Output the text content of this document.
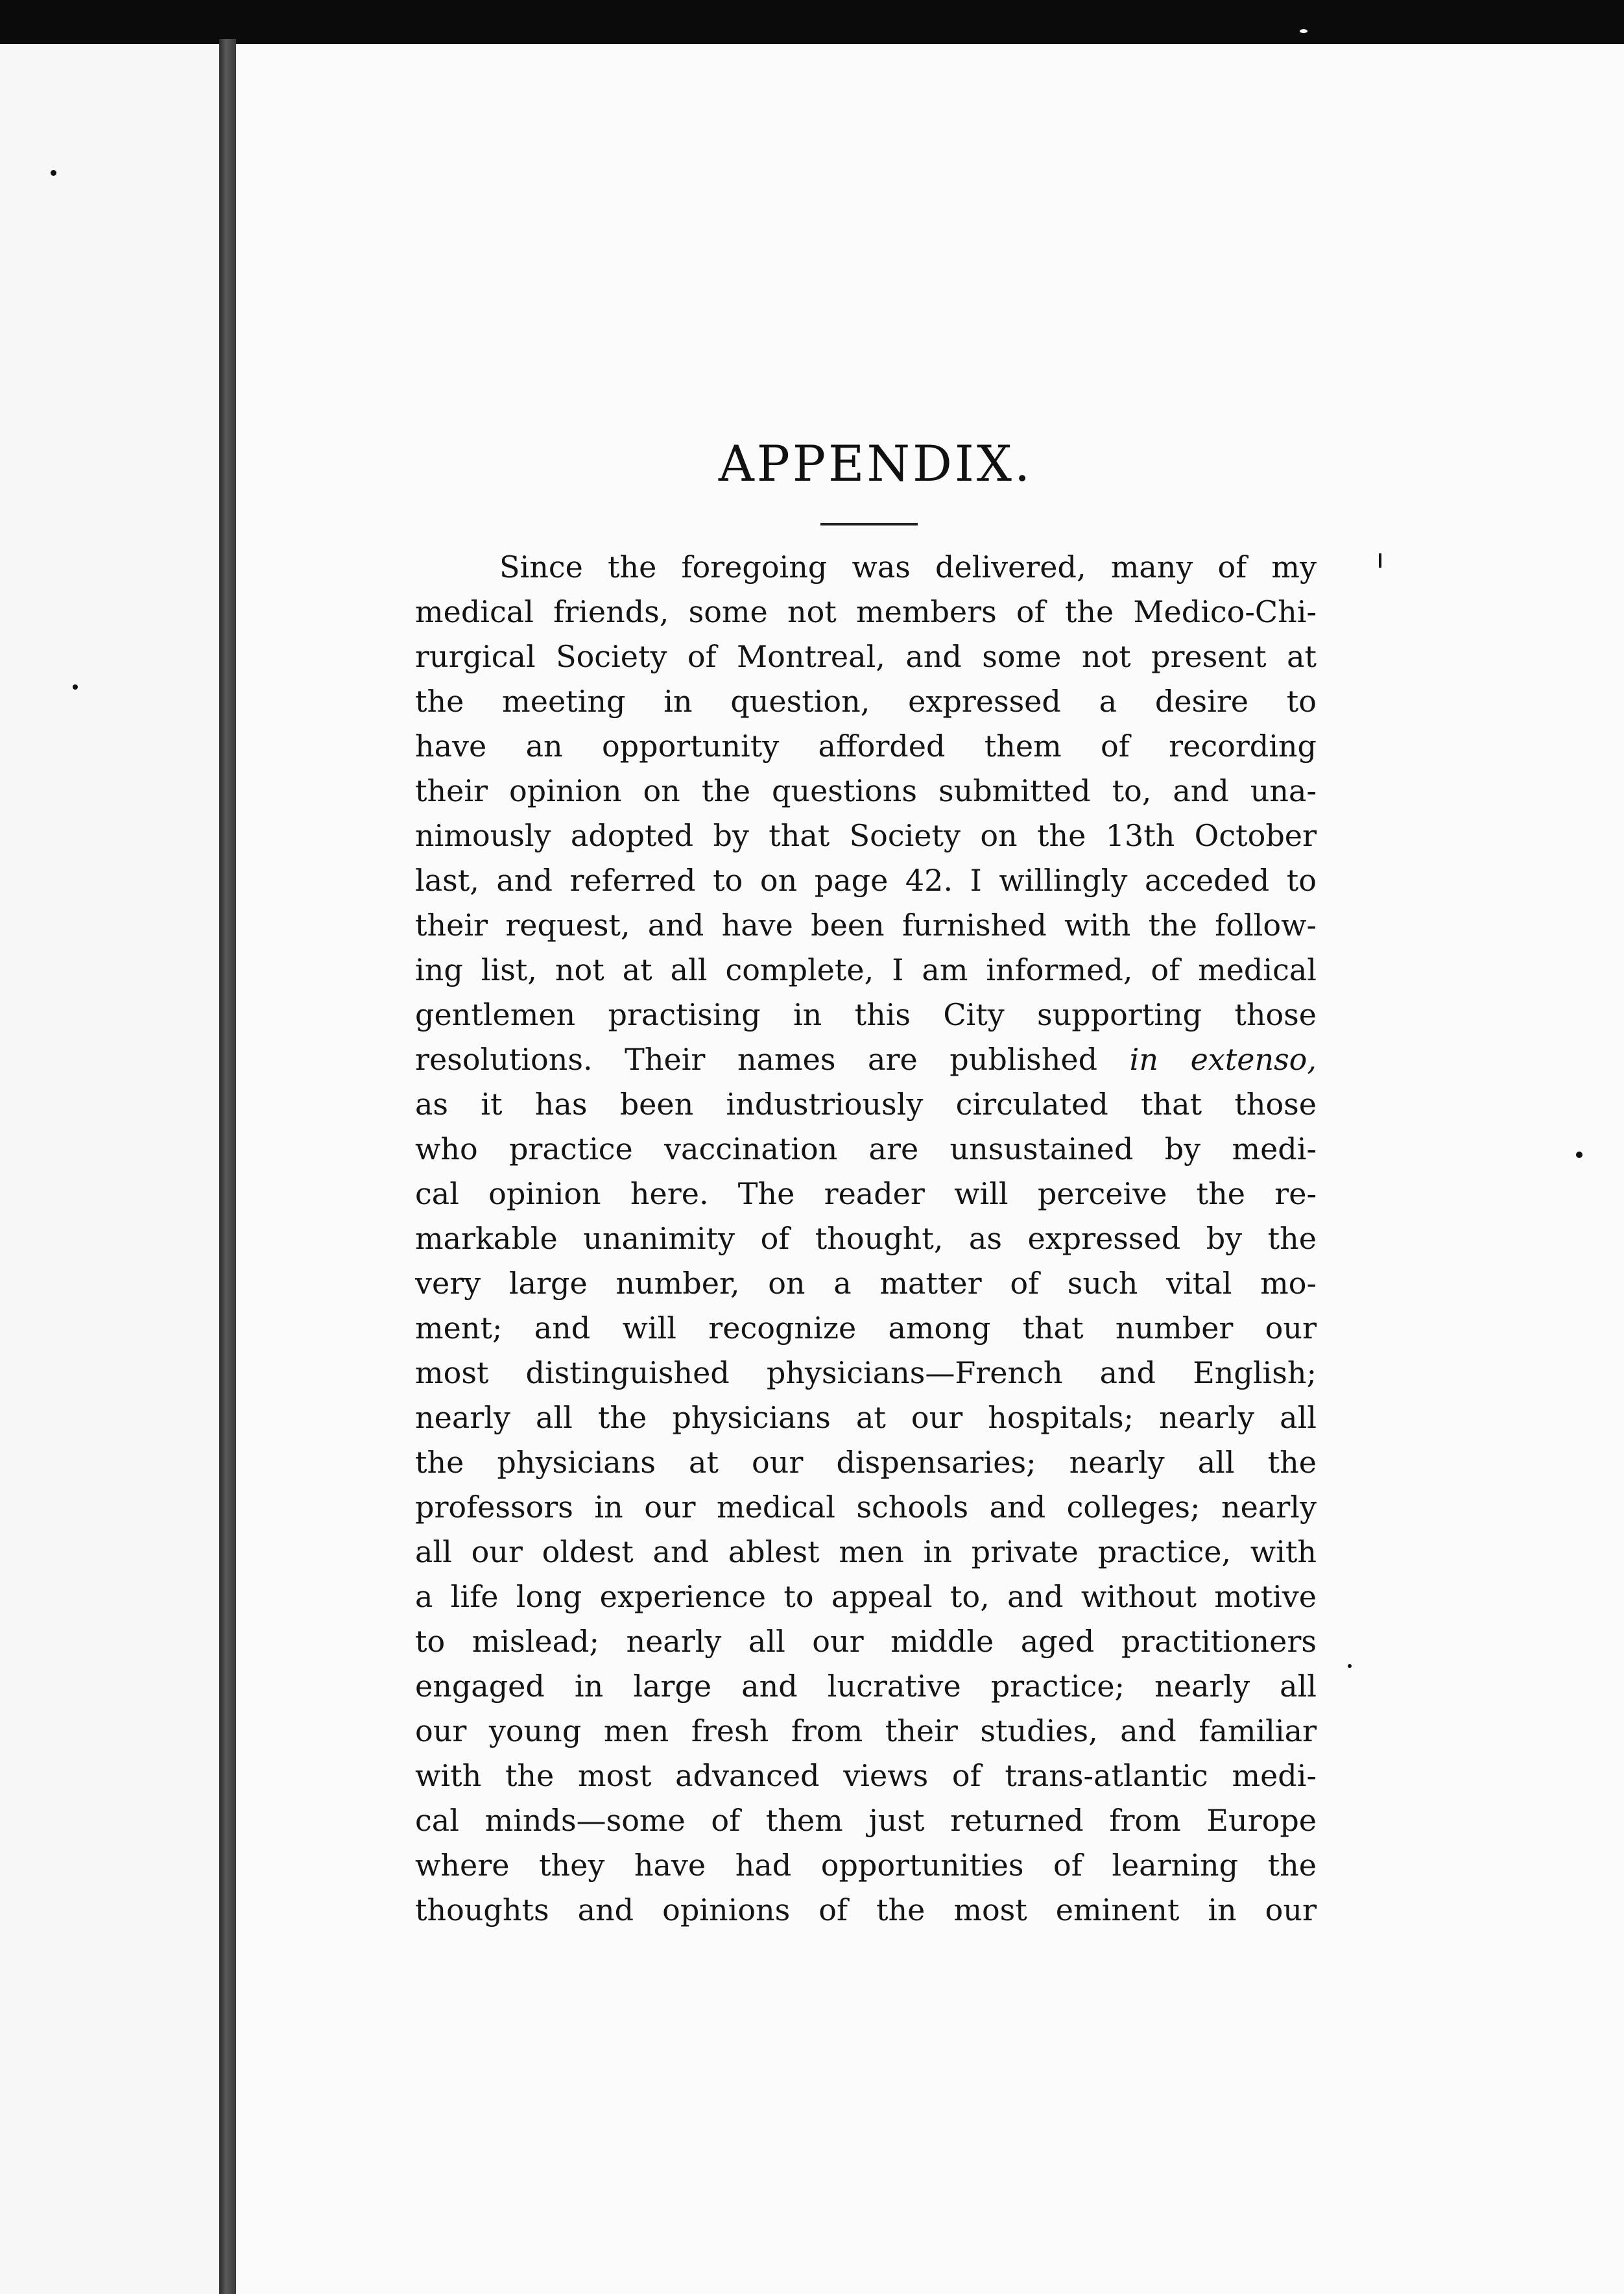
APPENDIX.
Since the foregoing was delivered, many of my
medical friends, some not members of the Medico-Chi-
rurgical Society of Montreal, and some not present at
the meeting in question, expressed a desire to
have an opportunity afforded them of recording
their opinion on the questions submitted to, and una-
nimously adopted by that Society on the 13th October
last, and referred to on page 42. I willingly acceded to
their request, and have been furnished with the follow-
ing list, not at all complete, I am informed, of medical
gentlemen practising in this City supporting those
resolutions. Their names are published in extenso,
as it has been industriously circulated that those
who practice vaccination are unsustained by medi-
cal opinion here. The reader will perceive the re-
markable unanimity of thought, as expressed by the
very large number, on a matter of such vital mo-
ment; and will recognize among that number our
most distinguished physicians—French and English;
nearly all the physicians at our hospitals; nearly all
the physicians at our dispensaries; nearly all the
professors in our medical schools and colleges; nearly
all our oldest and ablest men in private practice, with
a life long experience to appeal to, and without motive
to mislead; nearly all our middle aged practitioners
engaged in large and lucrative practice; nearly all
our young men fresh from their studies, and familiar
with the most advanced views of trans-atlantic medi-
cal minds—some of them just returned from Europe
where they have had opportunities of learning the
thoughts and opinions of the most eminent in our
